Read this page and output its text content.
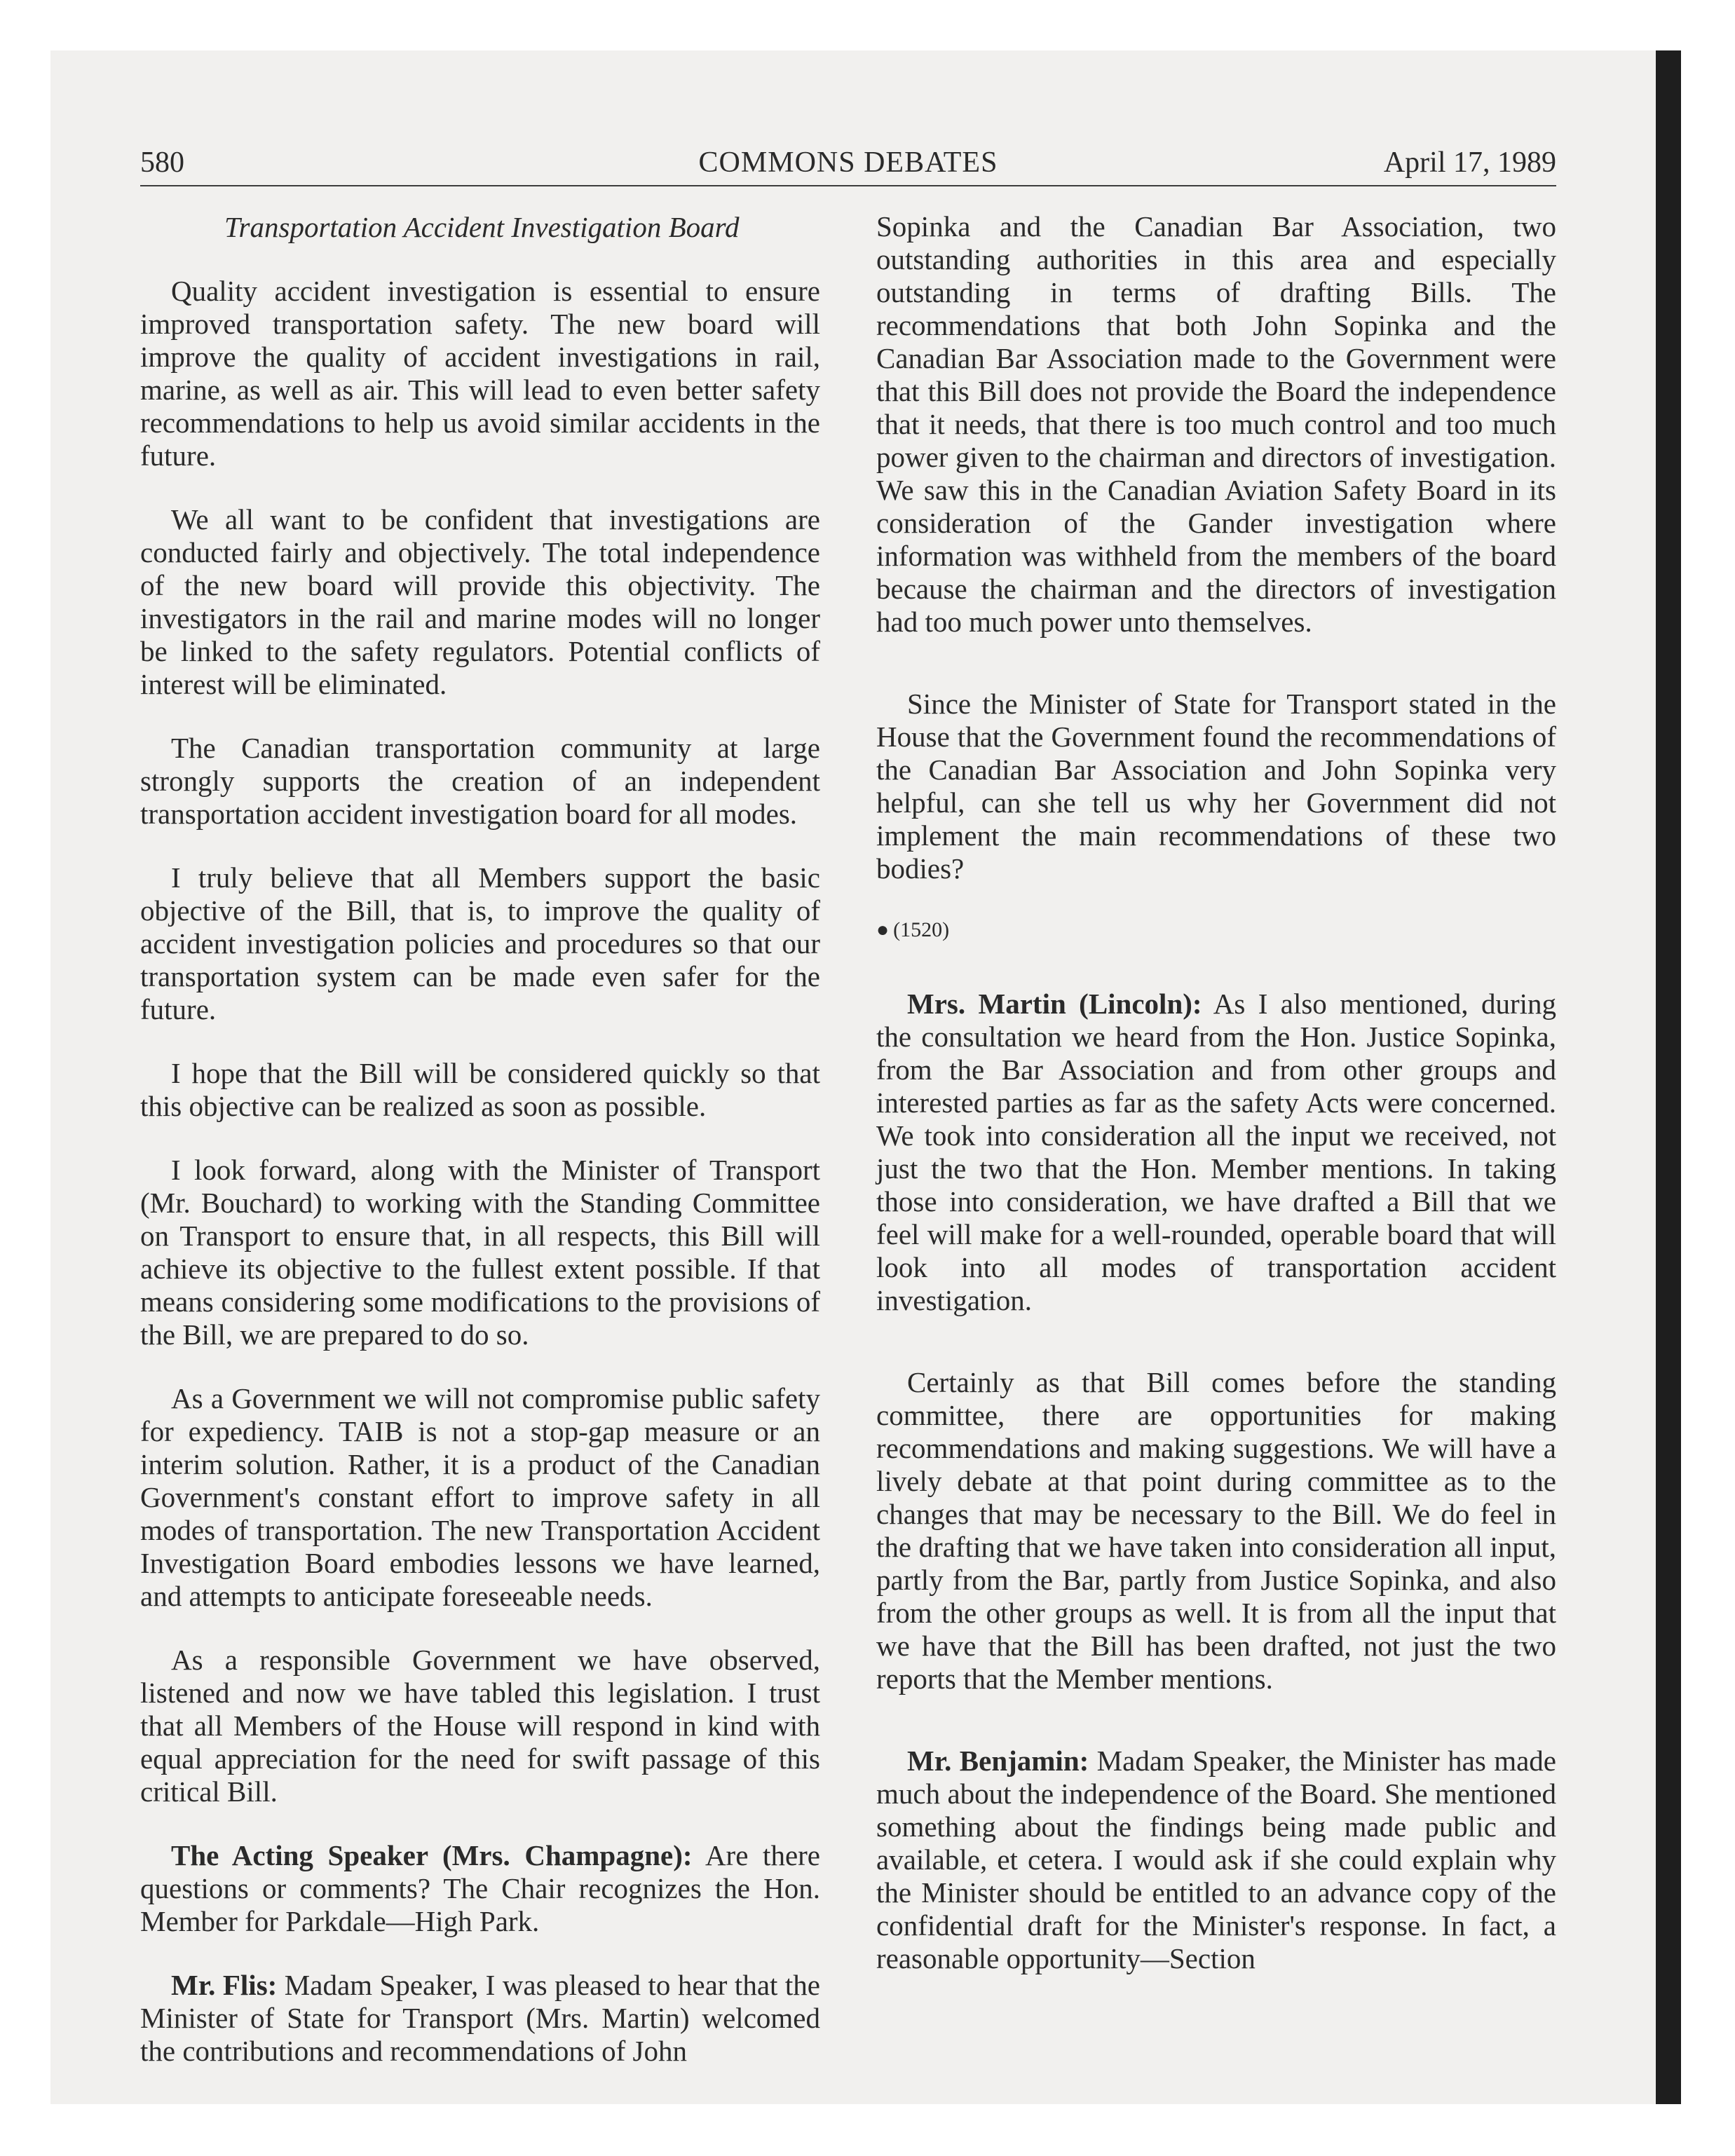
580	COMMONS DEBATES	April 17, 1989
Transportation Accident Investigation Board

Quality accident investigation is essential to ensure improved transportation safety. The new board will improve the quality of accident investigations in rail, marine, as well as air. This will lead to even better safety recommendations to help us avoid similar accidents in the future.

We all want to be confident that investigations are conducted fairly and objectively. The total independence of the new board will provide this objectivity. The investigators in the rail and marine modes will no longer be linked to the safety regulators. Potential conflicts of interest will be eliminated.

The Canadian transportation community at large strongly supports the creation of an independent transportation accident investigation board for all modes.

I truly believe that all Members support the basic objective of the Bill, that is, to improve the quality of accident investigation policies and procedures so that our transportation system can be made even safer for the future.

I hope that the Bill will be considered quickly so that this objective can be realized as soon as possible.

I look forward, along with the Minister of Transport (Mr. Bouchard) to working with the Standing Committee on Transport to ensure that, in all respects, this Bill will achieve its objective to the fullest extent possible. If that means considering some modifications to the provisions of the Bill, we are prepared to do so.

As a Government we will not compromise public safety for expediency. TAIB is not a stop-gap measure or an interim solution. Rather, it is a product of the Canadian Government's constant effort to improve safety in all modes of transportation. The new Transportation Accident Investigation Board embodies lessons we have learned, and attempts to anticipate foreseeable needs.

As a responsible Government we have observed, listened and now we have tabled this legislation. I trust that all Members of the House will respond in kind with equal appreciation for the need for swift passage of this critical Bill.

The Acting Speaker (Mrs. Champagne): Are there questions or comments? The Chair recognizes the Hon. Member for Parkdale—High Park.

Mr. Flis: Madam Speaker, I was pleased to hear that the Minister of State for Transport (Mrs. Martin) welcomed the contributions and recommendations of John

Sopinka and the Canadian Bar Association, two outstanding authorities in this area and especially outstanding in terms of drafting Bills. The recommendations that both John Sopinka and the Canadian Bar Association made to the Government were that this Bill does not provide the Board the independence that it needs, that there is too much control and too much power given to the chairman and directors of investigation. We saw this in the Canadian Aviation Safety Board in its consideration of the Gander investigation where information was withheld from the members of the board because the chairman and the directors of investigation had too much power unto themselves.

Since the Minister of State for Transport stated in the House that the Government found the recommendations of the Canadian Bar Association and John Sopinka very helpful, can she tell us why her Government did not implement the main recommendations of these two bodies?

● (1520)

Mrs. Martin (Lincoln): As I also mentioned, during the consultation we heard from the Hon. Justice Sopinka, from the Bar Association and from other groups and interested parties as far as the safety Acts were concerned. We took into consideration all the input we received, not just the two that the Hon. Member mentions. In taking those into consideration, we have drafted a Bill that we feel will make for a well-rounded, operable board that will look into all modes of transportation accident investigation.

Certainly as that Bill comes before the standing committee, there are opportunities for making recommendations and making suggestions. We will have a lively debate at that point during committee as to the changes that may be necessary to the Bill. We do feel in the drafting that we have taken into consideration all input, partly from the Bar, partly from Justice Sopinka, and also from the other groups as well. It is from all the input that we have that the Bill has been drafted, not just the two reports that the Member mentions.

Mr. Benjamin: Madam Speaker, the Minister has made much about the independence of the Board. She mentioned something about the findings being made public and available, et cetera. I would ask if she could explain why the Minister should be entitled to an advance copy of the confidential draft for the Minister's response. In fact, a reasonable opportunity—Section
